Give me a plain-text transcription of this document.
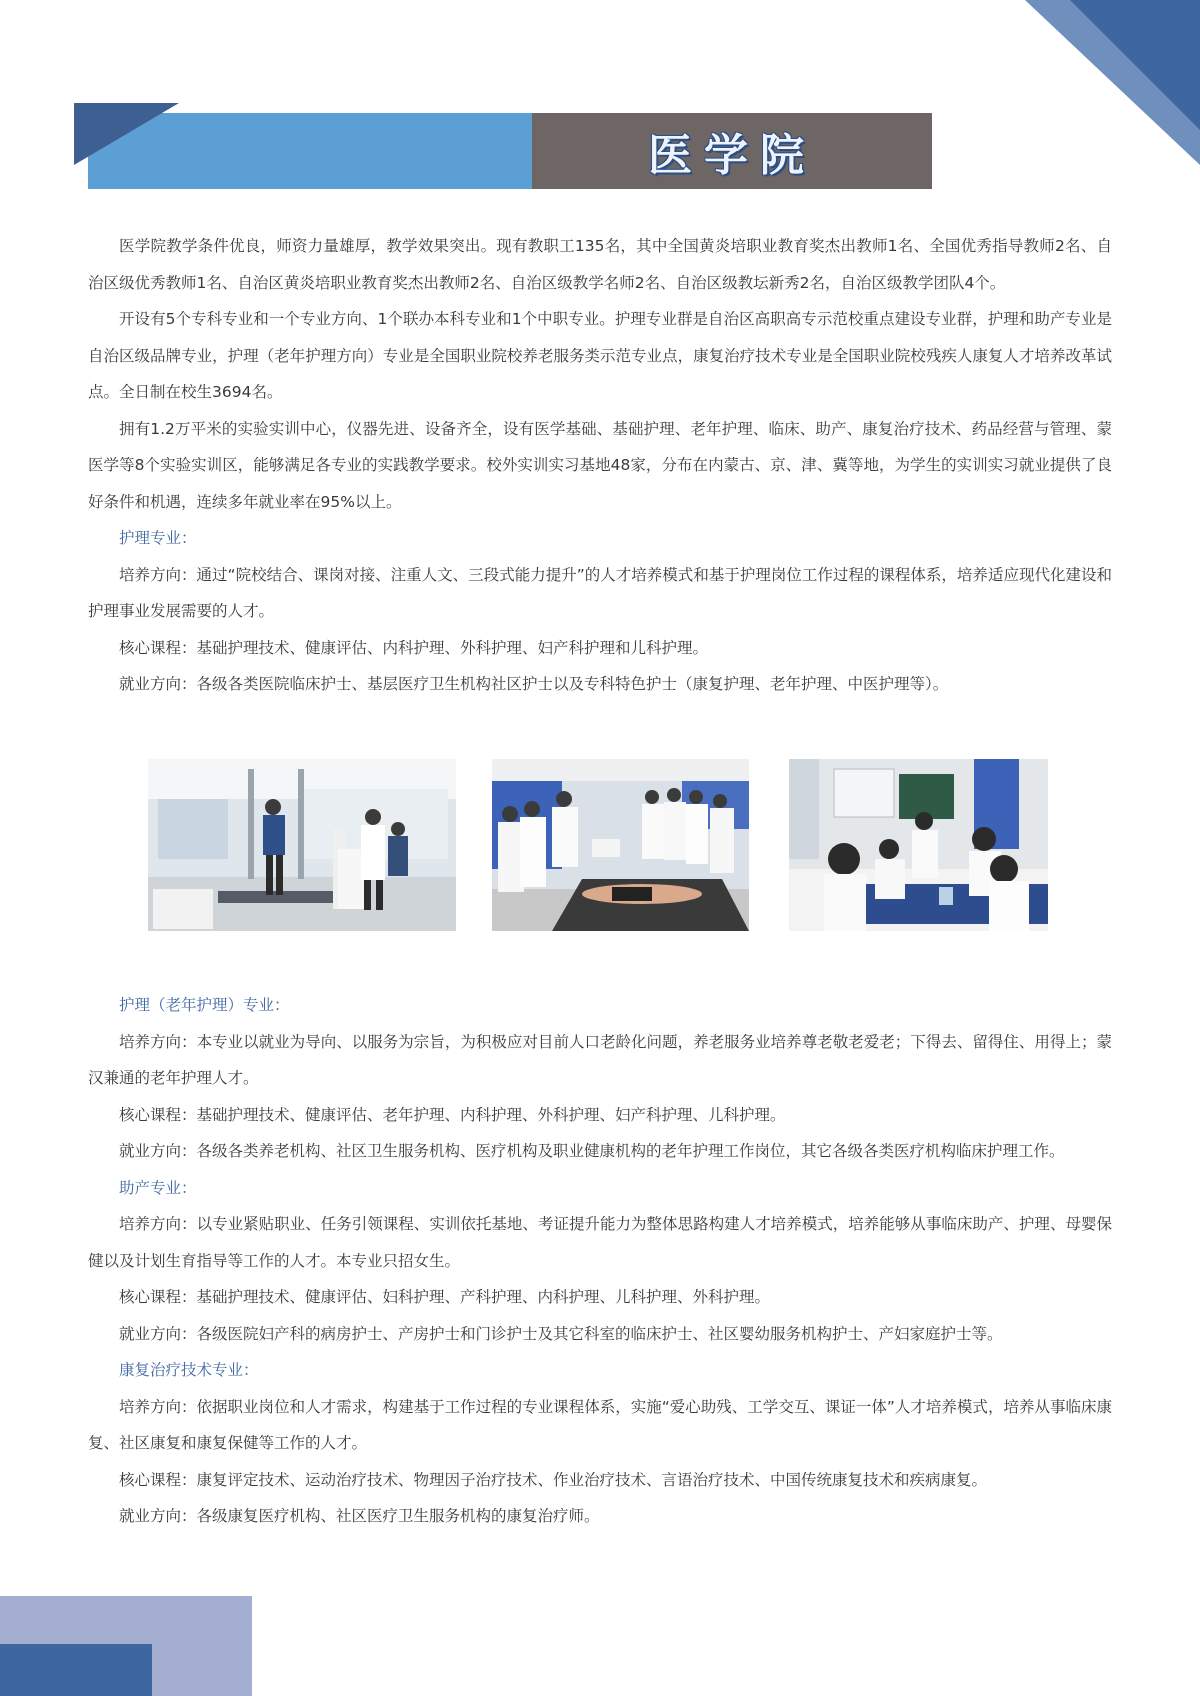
医学院

医学院教学条件优良，师资力量雄厚，教学效果突出。现有教职工135名，其中全国黄炎培职业教育奖杰出教师1名、全国优秀指导教师2名、自治区级优秀教师1名、自治区黄炎培职业教育奖杰出教师2名、自治区级教学名师2名、自治区级教坛新秀2名，自治区级教学团队4个。

开设有5个专科专业和一个专业方向、1个联办本科专业和1个中职专业。护理专业群是自治区高职高专示范校重点建设专业群，护理和助产专业是自治区级品牌专业，护理（老年护理方向）专业是全国职业院校养老服务类示范专业点，康复治疗技术专业是全国职业院校残疾人康复人才培养改革试点。全日制在校生3694名。

拥有1.2万平米的实验实训中心，仪器先进、设备齐全，设有医学基础、基础护理、老年护理、临床、助产、康复治疗技术、药品经营与管理、蒙医学等8个实验实训区，能够满足各专业的实践教学要求。校外实训实习基地48家，分布在内蒙古、京、津、冀等地，为学生的实训实习就业提供了良好条件和机遇，连续多年就业率在95%以上。

护理专业：

培养方向：通过“院校结合、课岗对接、注重人文、三段式能力提升”的人才培养模式和基于护理岗位工作过程的课程体系，培养适应现代化建设和护理事业发展需要的人才。

核心课程：基础护理技术、健康评估、内科护理、外科护理、妇产科护理和儿科护理。

就业方向：各级各类医院临床护士、基层医疗卫生机构社区护士以及专科特色护士（康复护理、老年护理、中医护理等）。

护理（老年护理）专业：

培养方向：本专业以就业为导向、以服务为宗旨，为积极应对目前人口老龄化问题，养老服务业培养尊老敬老爱老；下得去、留得住、用得上；蒙汉兼通的老年护理人才。

核心课程：基础护理技术、健康评估、老年护理、内科护理、外科护理、妇产科护理、儿科护理。

就业方向：各级各类养老机构、社区卫生服务机构、医疗机构及职业健康机构的老年护理工作岗位，其它各级各类医疗机构临床护理工作。

助产专业：

培养方向：以专业紧贴职业、任务引领课程、实训依托基地、考证提升能力为整体思路构建人才培养模式，培养能够从事临床助产、护理、母婴保健以及计划生育指导等工作的人才。本专业只招女生。

核心课程：基础护理技术、健康评估、妇科护理、产科护理、内科护理、儿科护理、外科护理。

就业方向：各级医院妇产科的病房护士、产房护士和门诊护士及其它科室的临床护士、社区婴幼服务机构护士、产妇家庭护士等。

康复治疗技术专业：

培养方向：依据职业岗位和人才需求，构建基于工作过程的专业课程体系，实施“爱心助残、工学交互、课证一体”人才培养模式，培养从事临床康复、社区康复和康复保健等工作的人才。

核心课程：康复评定技术、运动治疗技术、物理因子治疗技术、作业治疗技术、言语治疗技术、中国传统康复技术和疾病康复。

就业方向：各级康复医疗机构、社区医疗卫生服务机构的康复治疗师。
